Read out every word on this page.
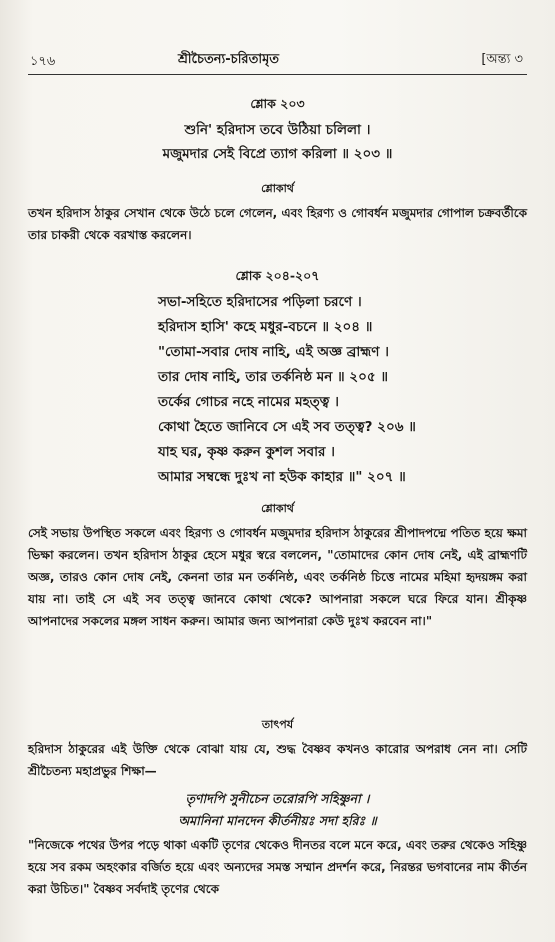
১৭৬	শ্রীচৈতন্য-চরিতামৃত	[অন্ত্য ৩
শ্লোক ২০৩
শুনি' হরিদাস তবে উঠিয়া চলিলা ।
মজুমদার সেই বিপ্রে ত্যাগ করিলা ॥ ২০৩ ॥
শ্লোকার্থ

তখন হরিদাস ঠাকুর সেখান থেকে উঠে চলে গেলেন, এবং হিরণ্য ও গোবর্ধন মজুমদার গোপাল চক্রবর্তীকে তার চাকরী থেকে বরখাস্ত করলেন।

শ্লোক ২০৪-২০৭
সভা-সহিতে হরিদাসের পড়িলা চরণে ।
হরিদাস হাসি' কহে মধুর-বচনে ॥ ২০৪ ॥
"তোমা-সবার দোষ নাহি, এই অজ্ঞ ব্রাহ্মণ ।
তার দোষ নাহি, তার তর্কনিষ্ঠ মন ॥ ২০৫ ॥
তর্কের গোচর নহে নামের মহত্ত্ব ।
কোথা হৈতে জানিবে সে এই সব তত্ত্ব? ২০৬ ॥
যাহ ঘর, কৃষ্ণ করুন কুশল সবার ।
আমার সম্বন্ধে দুঃখ না হউক কাহার ॥" ২০৭ ॥
শ্লোকার্থ

সেই সভায় উপস্থিত সকলে এবং হিরণ্য ও গোবর্ধন মজুমদার হরিদাস ঠাকুরের শ্রীপাদপদ্মে পতিত হয়ে ক্ষমা ভিক্ষা করলেন। তখন হরিদাস ঠাকুর হেসে মধুর স্বরে বললেন, "তোমাদের কোন দোষ নেই, এই ব্রাহ্মণটি অজ্ঞ, তারও কোন দোষ নেই, কেননা তার মন তর্কনিষ্ঠ, এবং তর্কনিষ্ঠ চিত্তে নামের মহিমা হৃদয়ঙ্গম করা যায় না। তাই সে এই সব তত্ত্ব জানবে কোথা থেকে? আপনারা সকলে ঘরে ফিরে যান। শ্রীকৃষ্ণ আপনাদের সকলের মঙ্গল সাধন করুন। আমার জন্য আপনারা কেউ দুঃখ করবেন না।"

তাৎপর্য

হরিদাস ঠাকুরের এই উক্তি থেকে বোঝা যায় যে, শুদ্ধ বৈষ্ণব কখনও কারোর অপরাধ নেন না। সেটি শ্রীচৈতন্য মহাপ্রভুর শিক্ষা—

তৃণাদপি সুনীচেন তরোরপি সহিষ্ণুনা ।
অমানিনা মানদেন কীর্তনীয়ঃ সদা হরিঃ ॥

"নিজেকে পথের উপর পড়ে থাকা একটি তৃণের থেকেও দীনতর বলে মনে করে, এবং তরুর থেকেও সহিষ্ণু হয়ে সব রকম অহংকার বর্জিত হয়ে এবং অন্যদের সমস্ত সম্মান প্রদর্শন করে, নিরন্তর ভগবানের নাম কীর্তন করা উচিত।" বৈষ্ণব সর্বদাই তৃণের থেকে
